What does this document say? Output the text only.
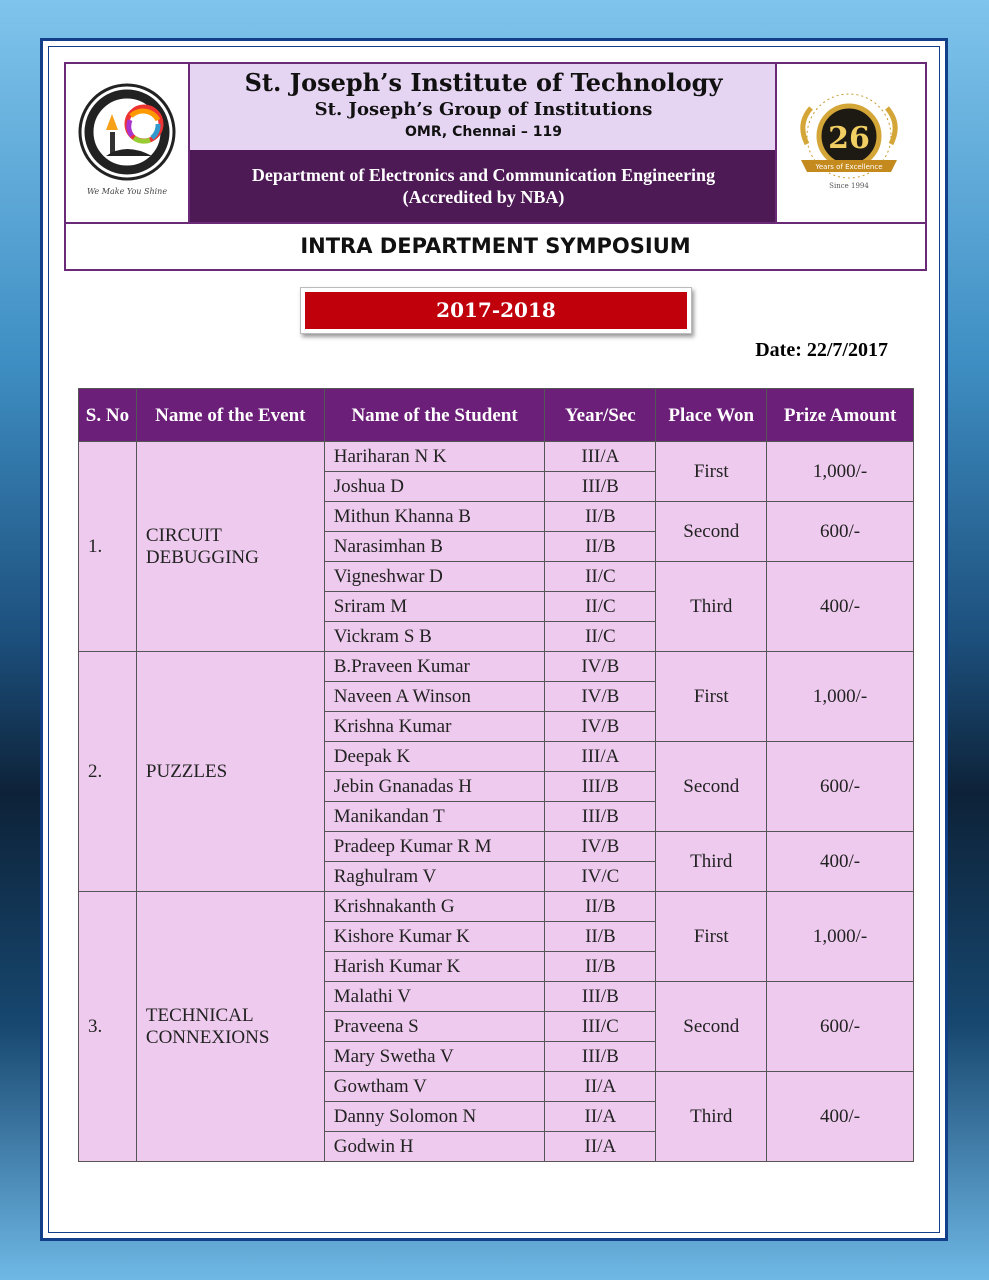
We Make You Shine
St. Joseph’s Institute of Technology
St. Joseph’s Group of Institutions
OMR, Chennai – 119
Department of Electronics and Communication Engineering
(Accredited by NBA)
26
Years of Excellence
Since 1994
INTRA DEPARTMENT SYMPOSIUM
2017-2018
Date: 22/7/2017
S. No	Name of the Event	Name of the Student	Year/Sec	Place Won	Prize Amount
1.	CIRCUIT DEBUGGING	Hariharan N K	III/A	First	1,000/-
		Joshua D	III/B		
		Mithun Khanna B	II/B	Second	600/-
		Narasimhan B	II/B		
		Vigneshwar D	II/C	Third	400/-
		Sriram M	II/C		
		Vickram S B	II/C		
2.	PUZZLES	B.Praveen Kumar	IV/B	First	1,000/-
		Naveen A Winson	IV/B		
		Krishna Kumar	IV/B		
		Deepak K	III/A	Second	600/-
		Jebin Gnanadas H	III/B		
		Manikandan T	III/B		
		Pradeep Kumar R M	IV/B	Third	400/-
		Raghulram V	IV/C		
3.	TECHNICAL CONNEXIONS	Krishnakanth G	II/B	First	1,000/-
		Kishore Kumar K	II/B		
		Harish Kumar K	II/B		
		Malathi V	III/B	Second	600/-
		Praveena S	III/C		
		Mary Swetha V	III/B		
		Gowtham V	II/A	Third	400/-
		Danny Solomon N	II/A		
		Godwin H	II/A		
